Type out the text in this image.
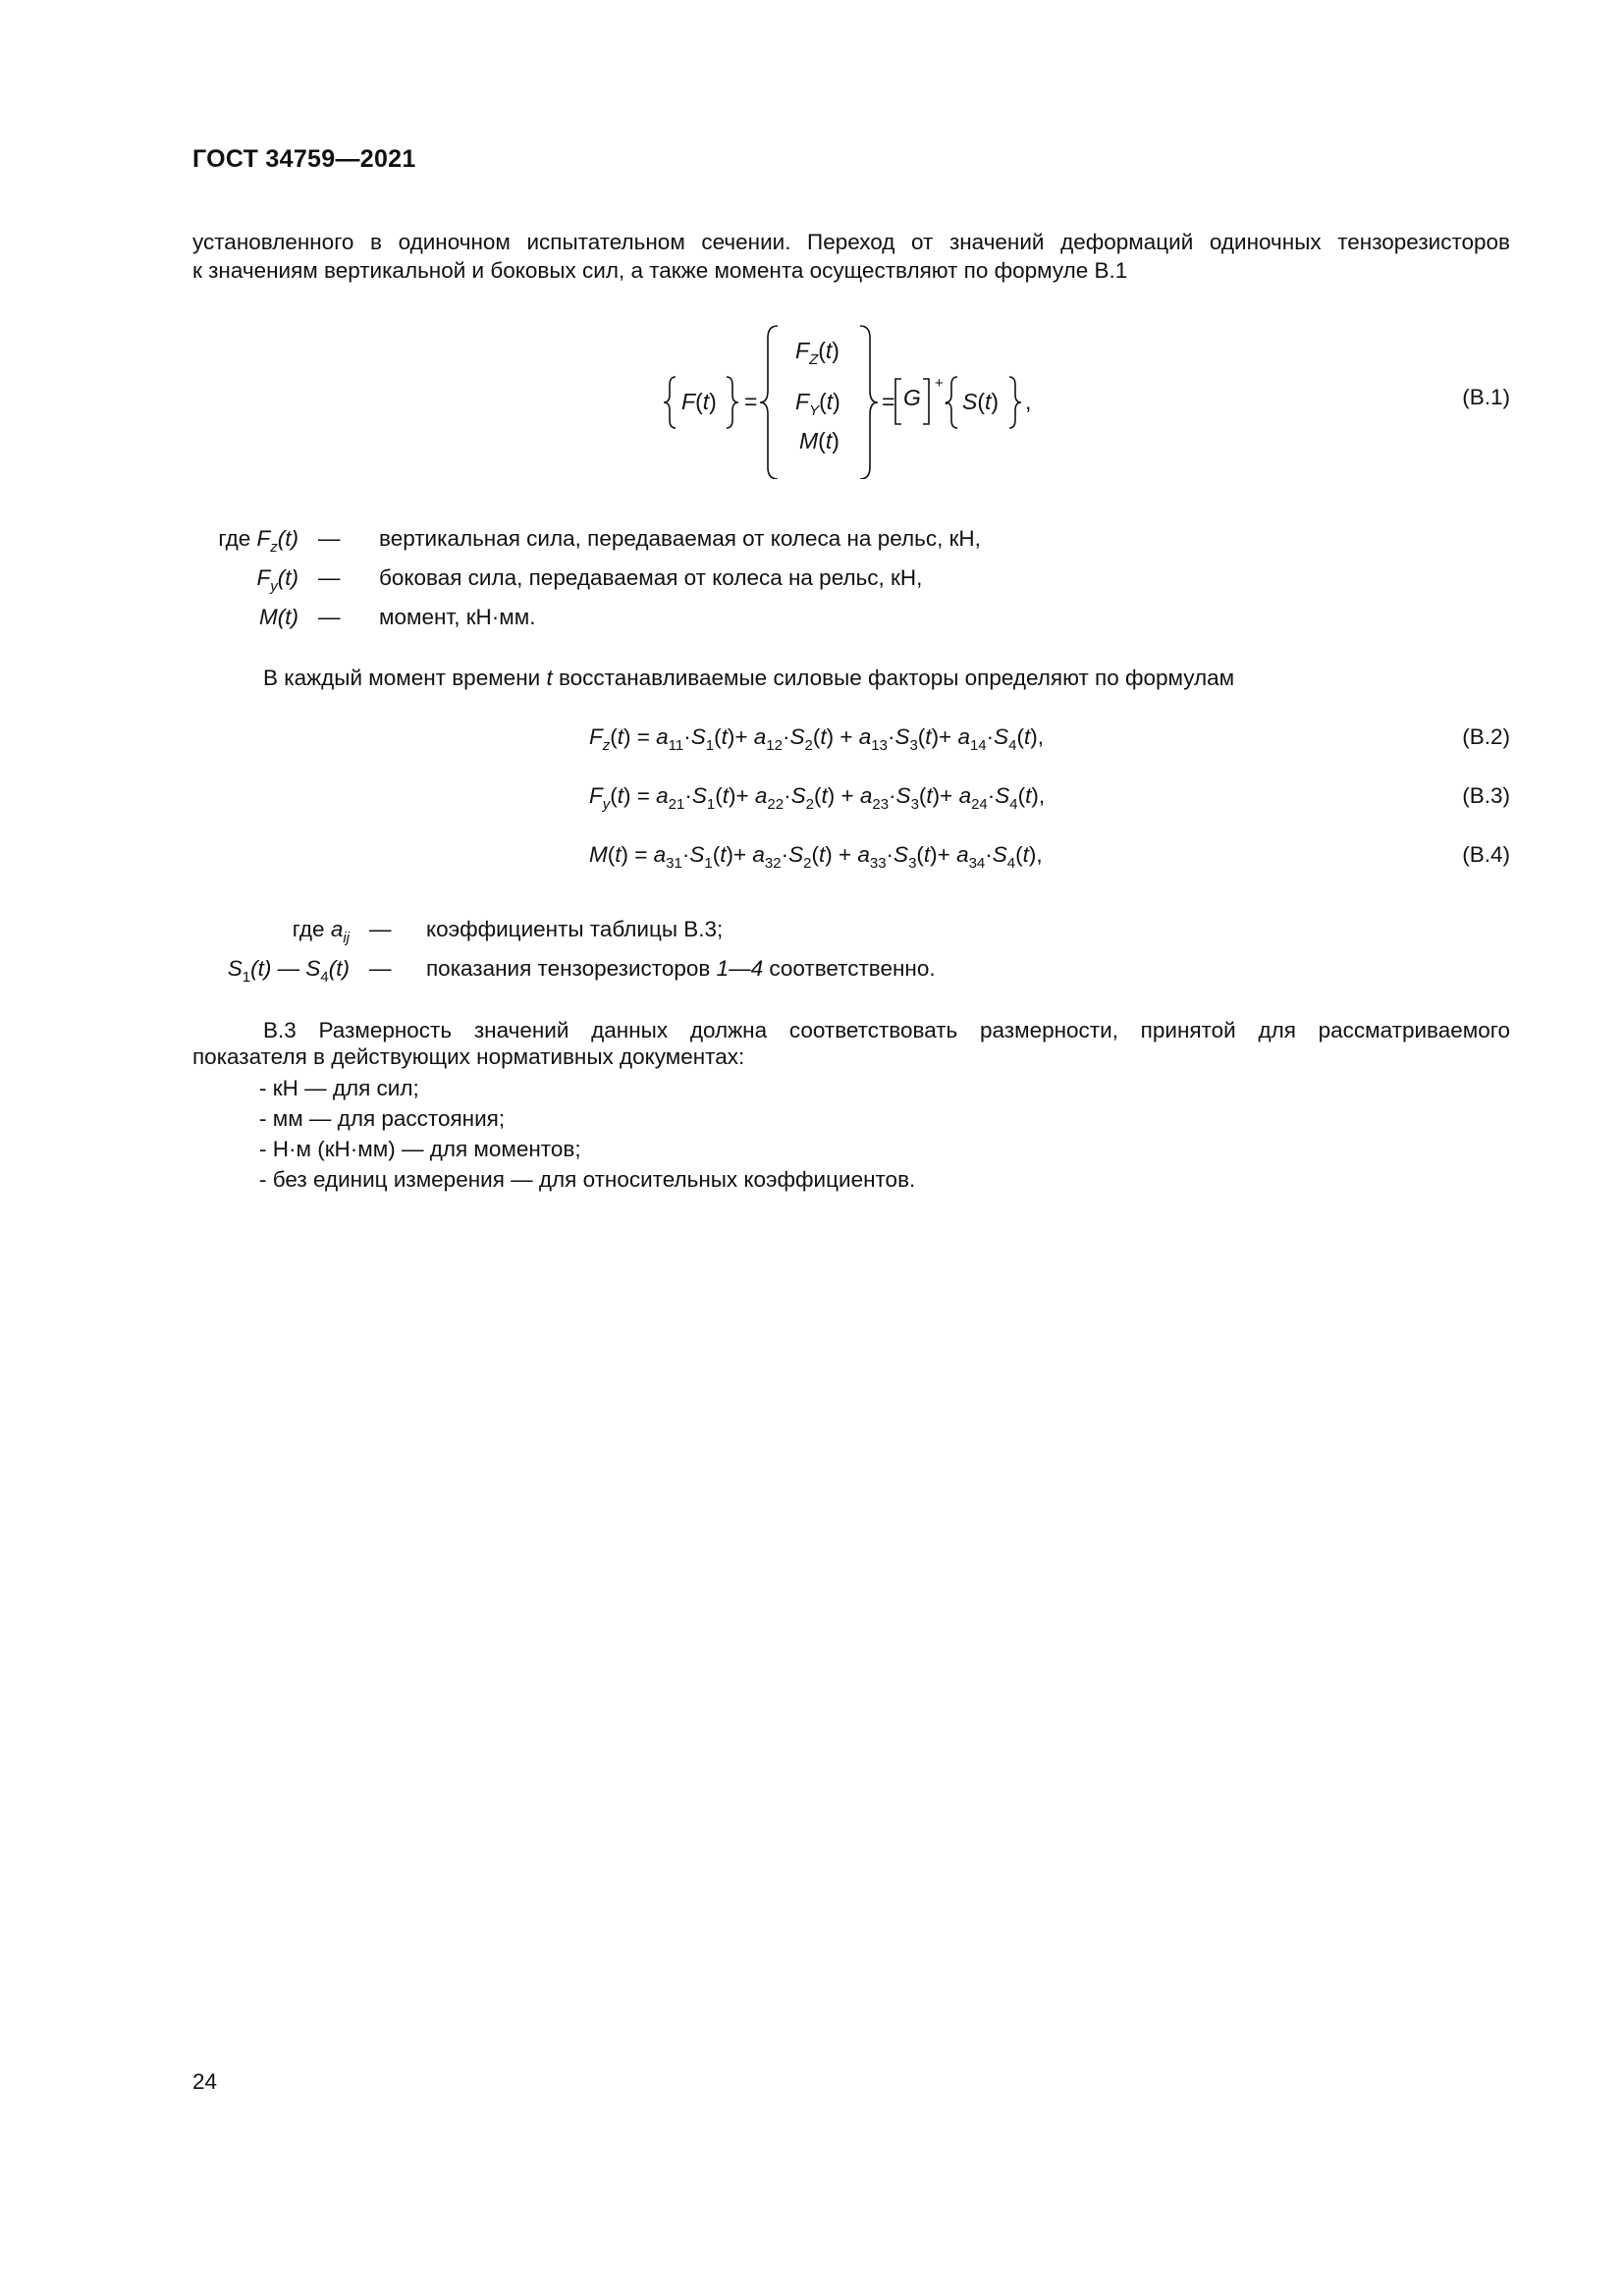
ГОСТ 34759—2021
установленного в одиночном испытательном сечении. Переход от значений деформаций одиночных тензорезисторов
к значениям вертикальной и боковых сил, а также момента осуществляют по формуле В.1
F(t) =
$F_Z(t)$
$F_Y(t)$
M(t)
= G
+
· S(t) ,	(В.1)
где $F_z(t)$ — вертикальная сила, передаваемая от колеса на рельс, кН,
$F_y(t)$ — боковая сила, передаваемая от колеса на рельс, кН,
M(t) — момент, кН·мм.
В каждый момент времени t восстанавливаемые силовые факторы определяют по формулам
$F_z(t) = a_{11}\cdot S_1(t)+ a_{12}\cdot S_2(t) + a_{13}\cdot S_3(t)+ a_{14}\cdot S_4(t)$,	(В.2)
$F_y(t) = a_{21}\cdot S_1(t)+ a_{22}\cdot S_2(t) + a_{23}\cdot S_3(t)+ a_{24}\cdot S_4(t)$,	(В.3)
$M(t) = a_{31}\cdot S_1(t)+ a_{32}\cdot S_2(t) + a_{33}\cdot S_3(t)+ a_{34}\cdot S_4(t)$,	(В.4)
где $a_{ij}$ — коэффициенты таблицы В.3;
$S_1(t)$ — $S_4(t)$ — показания тензорезисторов 1—4 соответственно.
В.3 Размерность значений данных должна соответствовать размерности, принятой для рассматриваемого
показателя в действующих нормативных документах:
- кН — для сил;
- мм — для расстояния;
- Н·м (кН·мм) — для моментов;
- без единиц измерения — для относительных коэффициентов.
24
